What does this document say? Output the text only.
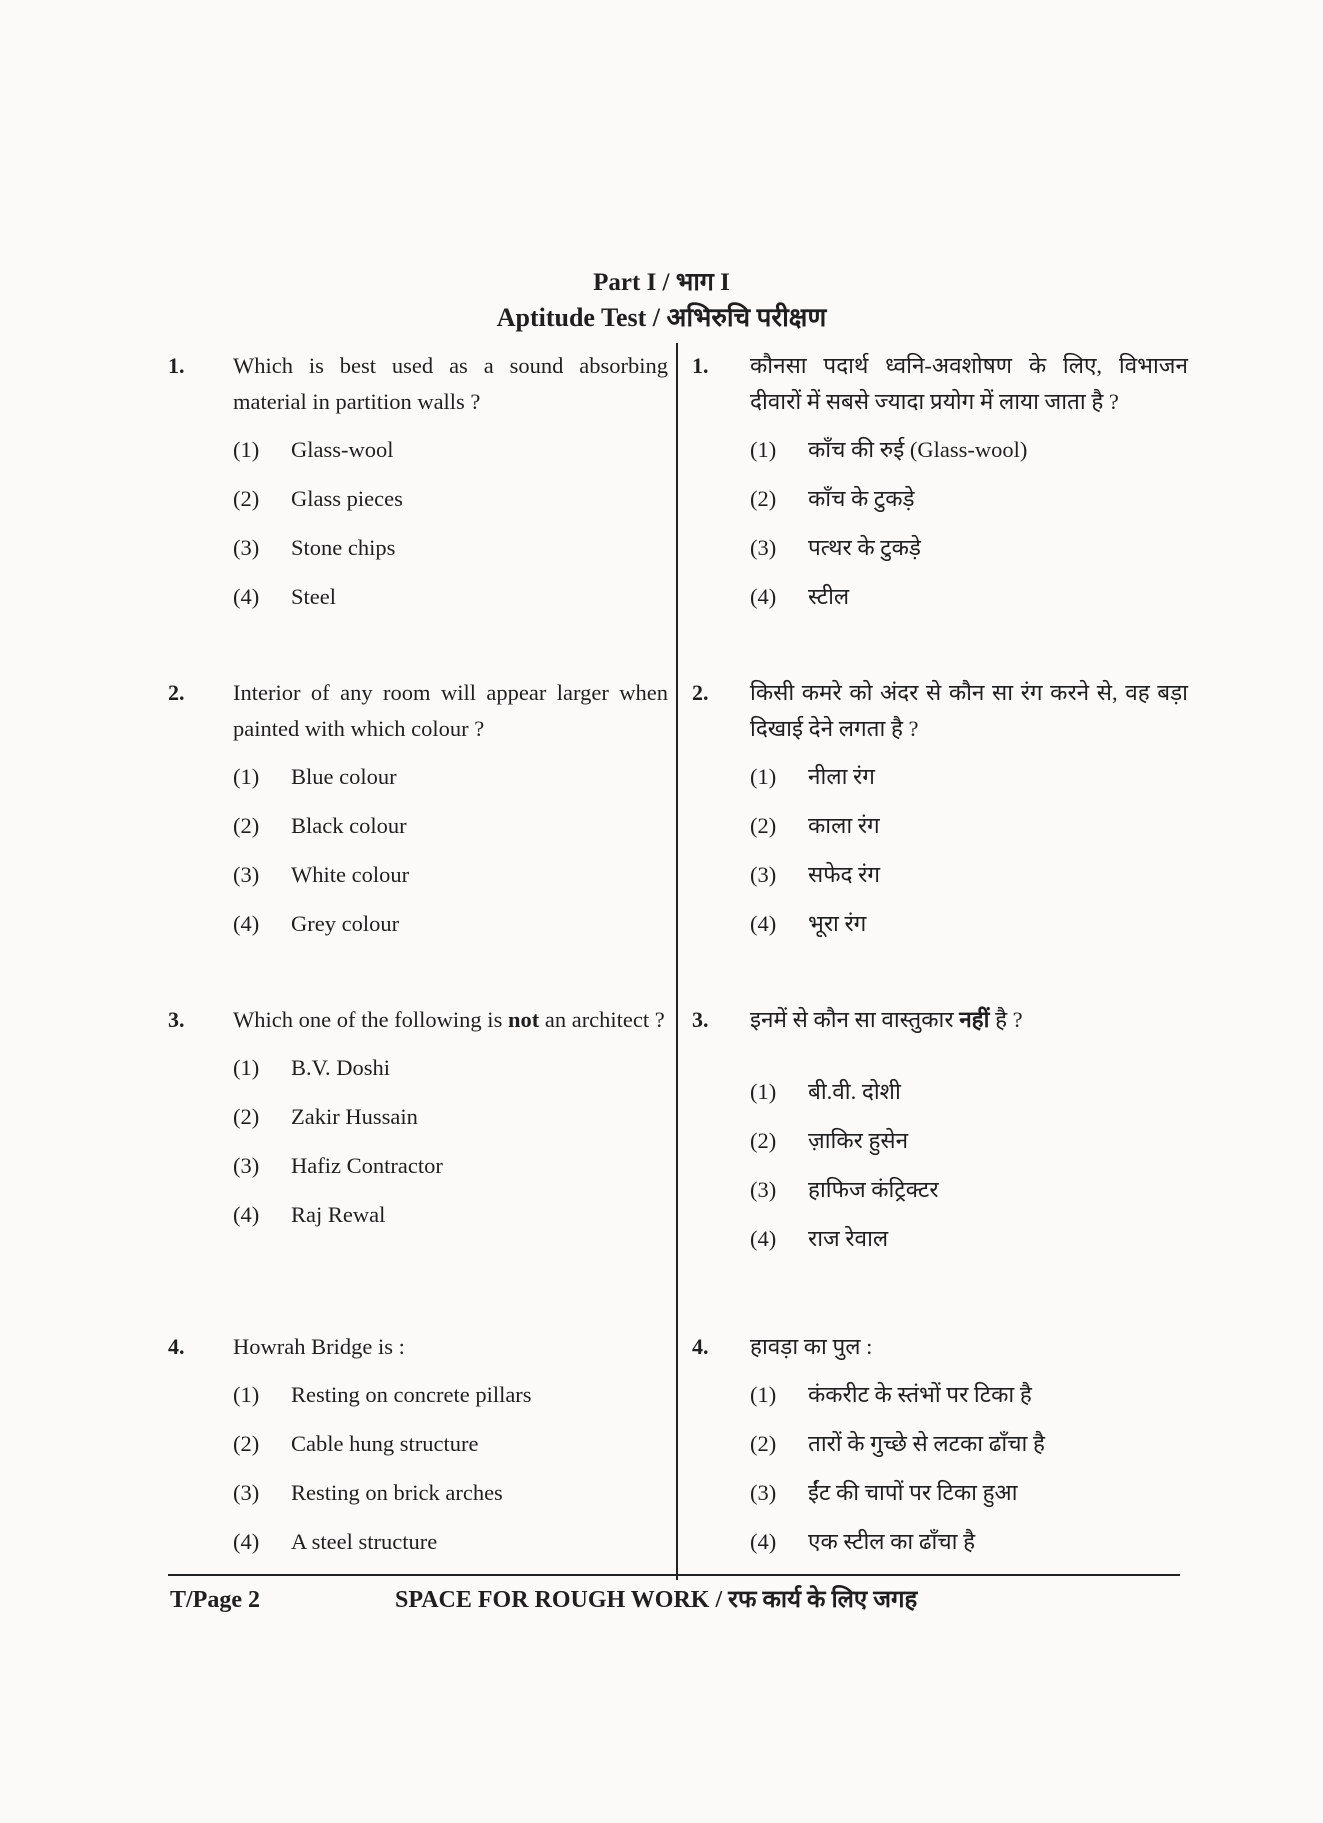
Part I / भाग I
Aptitude Test / अभिरुचि परीक्षण
1. Which is best used as a sound absorbing material in partition walls ?
(1)	Glass-wool
(2)	Glass pieces
(3)	Stone chips
(4)	Steel
2. Interior of any room will appear larger when painted with which colour ?
(1)	Blue colour
(2)	Black colour
(3)	White colour
(4)	Grey colour
3. Which one of the following is not an architect ?
(1)	B.V. Doshi
(2)	Zakir Hussain
(3)	Hafiz Contractor
(4)	Raj Rewal
4. Howrah Bridge is :
(1)	Resting on concrete pillars
(2)	Cable hung structure
(3)	Resting on brick arches
(4)	A steel structure
1. कौनसा पदार्थ ध्वनि-अवशोषण के लिए, विभाजन दीवारों में सबसे ज्यादा प्रयोग में लाया जाता है ?
(1)	काँच की रुई (Glass-wool)
(2)	काँच के टुकड़े
(3)	पत्थर के टुकड़े
(4)	स्टील
2. किसी कमरे को अंदर से कौन सा रंग करने से, वह बड़ा दिखाई देने लगता है ?
(1)	नीला रंग
(2)	काला रंग
(3)	सफेद रंग
(4)	भूरा रंग
3. इनमें से कौन सा वास्तुकार नहीं है ?
(1)	बी.वी. दोशी
(2)	ज़ाकिर हुसेन
(3)	हाफिज कंट्रिक्टर
(4)	राज रेवाल
4. हावड़ा का पुल :
(1)	कंकरीट के स्तंभों पर टिका है
(2)	तारों के गुच्छे से लटका ढाँचा है
(3)	ईंट की चापों पर टिका हुआ
(4)	एक स्टील का ढाँचा है
T/Page 2	SPACE FOR ROUGH WORK / रफ कार्य के लिए जगह
